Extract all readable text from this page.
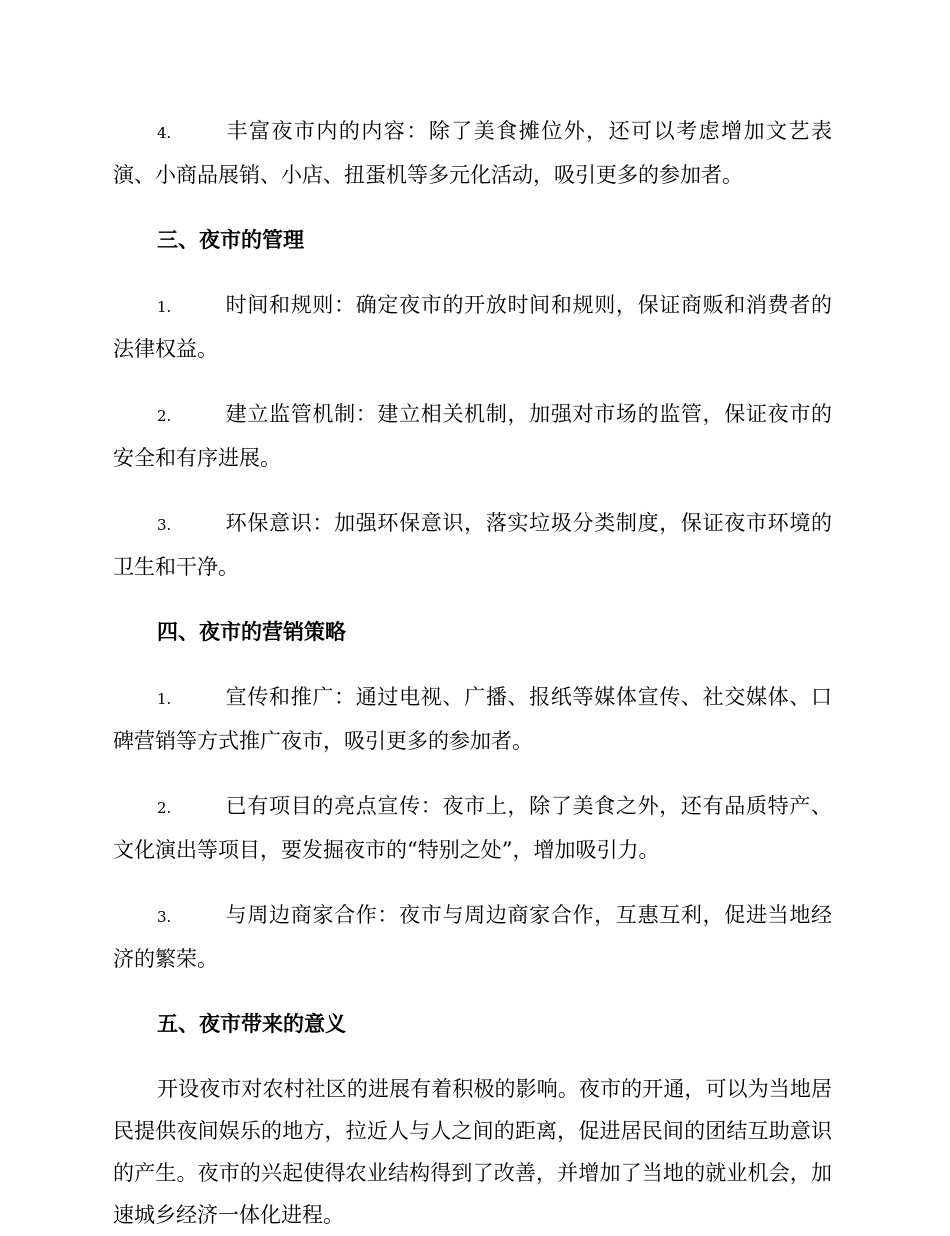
4.	丰富夜市内的内容：除了美食摊位外，还可以考虑增加文艺表演、小商品展销、小店、扭蛋机等多元化活动，吸引更多的参加者。

三、夜市的管理

1.	时间和规则：确定夜市的开放时间和规则，保证商贩和消费者的法律权益。

2.	建立监管机制：建立相关机制，加强对市场的监管，保证夜市的安全和有序进展。

3.	环保意识：加强环保意识，落实垃圾分类制度，保证夜市环境的卫生和干净。

四、夜市的营销策略

1.	宣传和推广：通过电视、广播、报纸等媒体宣传、社交媒体、口碑营销等方式推广夜市，吸引更多的参加者。

2.	已有项目的亮点宣传：夜市上，除了美食之外，还有品质特产、文化演出等项目，要发掘夜市的“特别之处”，增加吸引力。

3.	与周边商家合作：夜市与周边商家合作，互惠互利，促进当地经济的繁荣。

五、夜市带来的意义

开设夜市对农村社区的进展有着积极的影响。夜市的开通，可以为当地居民提供夜间娱乐的地方，拉近人与人之间的距离，促进居民间的团结互助意识的产生。夜市的兴起使得农业结构得到了改善，并增加了当地的就业机会，加速城乡经济一体化进程。
